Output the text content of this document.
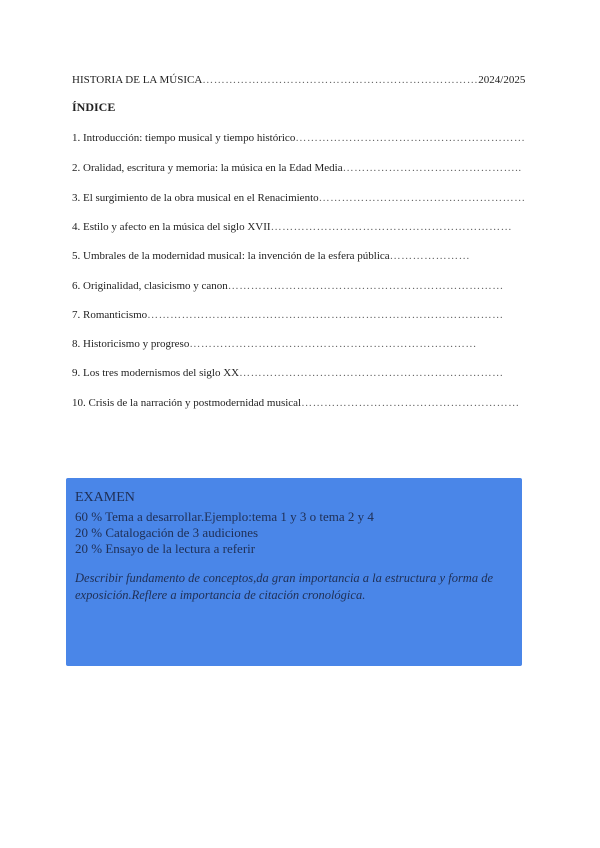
HISTORIA DE LA MÚSICA………………………………………………………………2024/2025
ÍNDICE
1. Introducción: tiempo musical y tiempo histórico……………………………………………………
2. Oralidad, escritura y memoria: la música en la Edad Media………………………………………..
3. El surgimiento de la obra musical en el Renacimiento………………………………………………
4. Estilo y afecto en la música del siglo XVII………………………………………………………
5. Umbrales de la modernidad musical: la invención de la esfera pública…………………
6. Originalidad, clasicismo y canon………………………………………………………………
7. Romanticismo…………………………………………………………………………………
8. Historicismo y progreso…………………………………………………………………
9. Los tres modernismos del siglo XX……………………………………………………………
10. Crisis de la narración y postmodernidad musical…………………………………………………
EXAMEN
60 % Tema a desarrollar.Ejemplo:tema 1 y 3 o tema 2 y 4
20 % Catalogación de 3 audiciones
20 % Ensayo de la lectura a referir
Describir fundamento de conceptos,da gran importancia a la estructura y forma de exposición.Reflere a importancia de citación cronológica.
